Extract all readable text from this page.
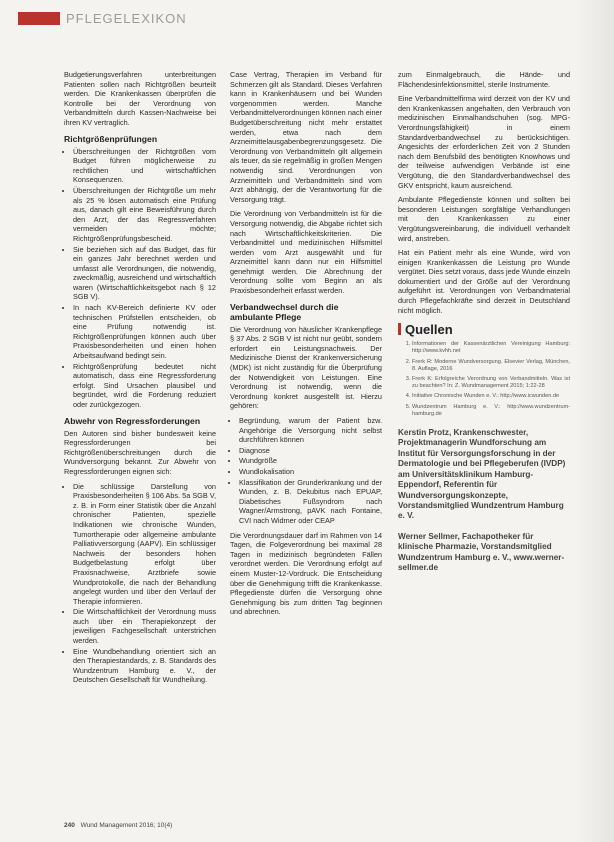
PFLEGELEXIKON

Budgetierungsverfahren unterbreitungen Patienten sollen nach Richtgrößen beurteilt werden. Die Krankenkassen überprüfen die Kontrolle bei der Verordnung von Verbandmitteln durch Kassen-Nachweise bei ihren KV vertraglich.

Richtgrößenprüfungen
• Überschreitungen der Richtgrößen vom Budget führen möglicherweise zu rechtlichen und wirtschaftlichen Konsequenzen.
• Überschreitungen der Richtgröße um mehr als 25 % lösen automatisch eine Prüfung aus, danach gilt eine Beweisführung durch den Arzt, der das Regressverfahren vermeiden möchte; Richtgrößenprüfungsbescheid.
• Sie beziehen sich auf das Budget, das für ein ganzes Jahr berechnet werden und umfasst alle Verordnungen, die notwendig, zweckmäßig, ausreichend und wirtschaftlich waren (Wirtschaftlichkeitsgebot nach § 12 SGB V).
• In nach KV-Bereich definierte KV oder technischen Prüfstellen entscheiden, ob eine Prüfung notwendig ist. Richtgrößenprüfungen können auch über Praxisbesonderheiten und einen hohen Arbeitsaufwand bedingt sein.
• Richtgrößenprüfung bedeutet nicht automatisch, dass eine Regressforderung erfolgt. Sind Ursachen plausibel und begründet, wird die Forderung reduziert oder zurückgezogen.
Abwehr von Regressforderungen

Den Autoren sind bisher bundesweit keine Regressforderungen bei Richtgrößenüberschreitungen durch die Wundversorgung bekannt. Zur Abwehr von Regressforderungen eignen sich:

• Die schlüssige Darstellung von Praxisbesonderheiten § 106 Abs. 5a SGB V, z. B. in Form einer Statistik über die Anzahl chronischer Patienten, spezielle Indikationen wie chronische Wunden, Tumortherapie oder allgemeine ambulante Palliativversorgung (AAPV). Ein schlüssiger Nachweis der besonders hohen Budgetbelastung erfolgt über Praxisnachweise, Arztbriefe sowie Wundprotokolle, die nach der Behandlung angelegt wurden und über den Verlauf der Therapie informieren.
• Die Wirtschaftlichkeit der Verordnung muss auch über ein Therapiekonzept der jeweiligen Fachgesellschaft unterstrichen werden.
• Eine Wundbehandlung orientiert sich an den Therapiestandards, z. B. Standards des Wundzentrum Hamburg e. V., der Deutschen Gesellschaft für Wundheilung.

Case Vertrag, Therapien im Verband für Schmerzen gilt als Standard. Dieses Verfahren kann in Krankenhäusern und bei Wunden vorgenommen werden. Manche Verbandmittelverordnungen können nach einer Budgetüberschreitung nicht mehr erstattet werden, etwa nach dem Arzneimittelausgabenbegrenzungsgesetz. Die Verordnung von Verbandmitteln gilt allgemein als teuer, da sie regelmäßig in großen Mengen notwendig sind. Verordnungen von Arzneimitteln und Verbandmitteln sind vom Arzt abhängig, der die Verantwortung für die Versorgung trägt.

Die Verordnung von Verbandmitteln ist für die Versorgung notwendig, die Abgabe richtet sich nach Wirtschaftlichkeitskriterien. Die Verbandmittel und medizinischen Hilfsmittel werden vom Arzt ausgewählt und für Arzneimittel kann dann nur ein Hilfsmittel genehmigt werden. Die Abrechnung der Verordnung sollte vom Beginn an als Praxisbesonderheit erfasst werden.

Verbandwechsel durch die ambulante Pflege

Die Verordnung von häuslicher Krankenpflege § 37 Abs. 2 SGB V ist nicht nur geübt, sondern erfordert ein Leistungsnachweis. Der Medizinische Dienst der Krankenversicherung (MDK) ist nicht zuständig für die Überprüfung der Notwendigkeit von Leistungen. Eine Verordnung ist notwendig, wenn die Verordnung konkret ausgestellt ist. Hierzu gehören:

• Begründung, warum der Patient bzw. Angehörige die Versorgung nicht selbst durchführen können
• Diagnose
• Wundgröße
• Wundlokalisation
• Klassifikation der Grunderkrankung und der Wunden, z. B. Dekubitus nach EPUAP, Diabetisches Fußsyndrom nach Wagner/Armstrong, pAVK nach Fontaine, CVI nach Widmer oder CEAP

Die Verordnungsdauer darf im Rahmen von 14 Tagen, die Folgeverordnung bei maximal 28 Tagen in medizinisch begründeten Fällen verordnet werden. Die Verordnung erfolgt auf einem Muster-12-Vordruck. Die Entscheidung über die Genehmigung trifft die Krankenkasse. Pflegedienste dürfen die Versorgung ohne Genehmigung bis zum dritten Tag beginnen und abrechnen.

zum Einmalgebrauch, die Hände- und Flächendesinfektionsmittel, sterile Instrumente.

Eine Verbandmittelfirma wird derzeit von der KV und den Krankenkassen angehalten, den Verbrauch von medizinischen Einmalhandschuhen (sog. MPG-Verordnungsfähigkeit) in einem Standardverbandwechsel zu berücksichtigen. Angesichts der erforderlichen Zeit von 2 Stunden nach dem Berufsbild des benötigten Knowhows und der teilweise aufwendigen Verbände ist eine Vergütung, die den Standardverbandwechsel des GKV entspricht, kaum ausreichend.

Ambulante Pflegedienste können und sollten bei besonderen Leistungen sorgfältige Verhandlungen mit den Krankenkassen zu einer Vergütungsvereinbarung, die individuell verhandelt wird, anstreben.

Hat ein Patient mehr als eine Wunde, wird von einigen Krankenkassen die Leistung pro Wunde vergütet. Dies setzt voraus, dass jede Wunde einzeln dokumentiert und der Größe auf der Verordnung aufgeführt ist. Verordnungen von Verbandmaterial durch Pflegefachkräfte sind derzeit in Deutschland nicht möglich.

Quellen
1. Informationen der Kassenärztlichen Vereinigung Hamburg: http://www.kvhh.net
2. Frerk R: Moderne Wundversorgung. Elsevier Verlag, München, 8. Auflage, 2016
3. Frerk K: Erfolgreiche Verordnung von Verbandmitteln. Was ist zu beachten? In: Z. Wundmanagement 2015; 1:22-28
4. Initiative Chronische Wunden e. V.: http://www.icwunden.de
5. Wundzentrum Hamburg e. V.: http://www.wundzentrum-hamburg.de
Kerstin Protz, Krankenschwester, Projektmanagerin Wundforschung am Institut für Versorgungsforschung in der Dermatologie und bei Pflegeberufen (IVDP) am Universitätsklinikum Hamburg-Eppendorf, Referentin für Wundversorgungskonzepte, Vorstandsmitglied Wundzentrum Hamburg e. V.
Werner Sellmer, Fachapotheker für klinische Pharmazie, Vorstandsmitglied Wundzentrum Hamburg e. V., www.werner-sellmer.de
240 Wund Management 2016; 10(4)
